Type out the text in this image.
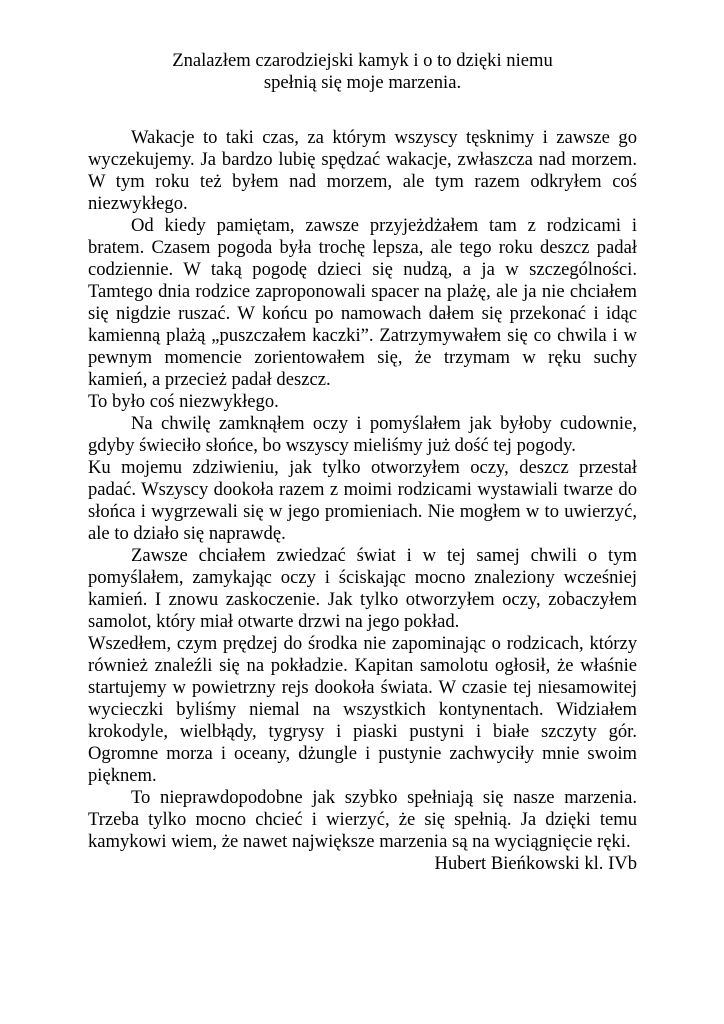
Znalazłem czarodziejski kamyk i o to dzięki niemu
spełnią się moje marzenia.

Wakacje to taki czas, za którym wszyscy tęsknimy i zawsze go wyczekujemy. Ja bardzo lubię spędzać wakacje, zwłaszcza nad morzem. W tym roku też byłem nad morzem, ale tym razem odkryłem coś niezwykłego.

Od kiedy pamiętam, zawsze przyjeżdżałem tam z rodzicami i bratem. Czasem pogoda była trochę lepsza, ale tego roku deszcz padał codziennie. W taką pogodę dzieci się nudzą, a ja w szczególności. Tamtego dnia rodzice zaproponowali spacer na plażę, ale ja nie chciałem się nigdzie ruszać. W końcu po namowach dałem się przekonać i idąc kamienną plażą „puszczałem kaczki”. Zatrzymywałem się co chwila i w pewnym momencie zorientowałem się, że trzymam w ręku suchy kamień, a przecież padał deszcz.

To było coś niezwykłego.

Na chwilę zamknąłem oczy i pomyślałem jak byłoby cudownie, gdyby świeciło słońce, bo wszyscy mieliśmy już dość tej pogody.

Ku mojemu zdziwieniu, jak tylko otworzyłem oczy, deszcz przestał padać. Wszyscy dookoła razem z moimi rodzicami wystawiali twarze do słońca i wygrzewali się w jego promieniach. Nie mogłem w to uwierzyć, ale to działo się naprawdę.

Zawsze chciałem zwiedzać świat i w tej samej chwili o tym pomyślałem, zamykając oczy i ściskając mocno znaleziony wcześniej kamień. I znowu zaskoczenie. Jak tylko otworzyłem oczy, zobaczyłem samolot, który miał otwarte drzwi na jego pokład.

Wszedłem, czym prędzej do środka nie zapominając o rodzicach, którzy również znaleźli się na pokładzie. Kapitan samolotu ogłosił, że właśnie startujemy w powietrzny rejs dookoła świata. W czasie tej niesamowitej wycieczki byliśmy niemal na wszystkich kontynentach. Widziałem krokodyle, wielbłądy, tygrysy i piaski pustyni i białe szczyty gór. Ogromne morza i oceany, dżungle i pustynie zachwyciły mnie swoim pięknem.

To nieprawdopodobne jak szybko spełniają się nasze marzenia. Trzeba tylko mocno chcieć i wierzyć, że się spełnią. Ja dzięki temu kamykowi wiem, że nawet największe marzenia są na wyciągnięcie ręki.

Hubert Bieńkowski kl. IVb
